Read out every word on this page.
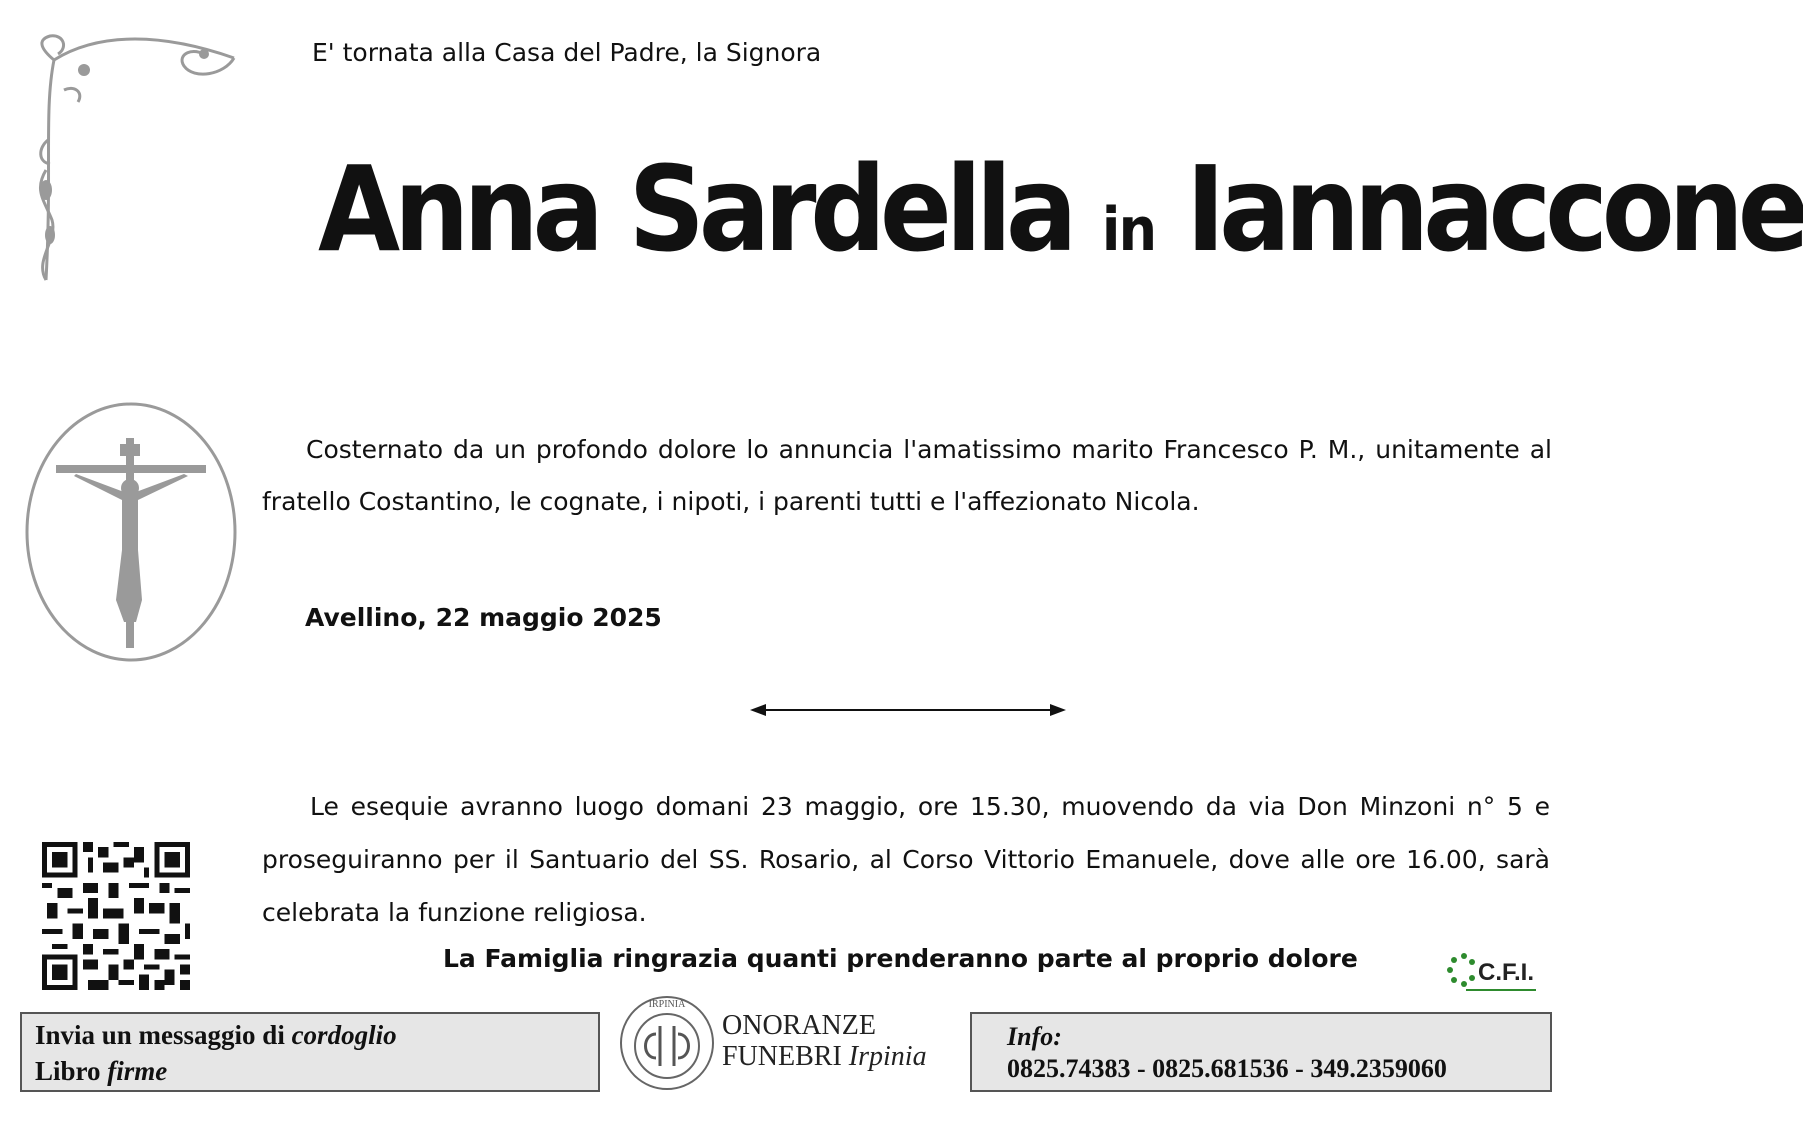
E' tornata alla Casa del Padre, la Signora
Anna Sardella in Iannaccone
Costernato da un profondo dolore lo annuncia l'amatissimo marito Francesco P. M., unitamente al fratello Costantino, le cognate, i nipoti, i parenti tutti e l'affezionato Nicola.
Avellino, 22 maggio 2025
Le esequie avranno luogo domani 23 maggio, ore 15.30, muovendo da via Don Minzoni n° 5 e proseguiranno per il Santuario del SS. Rosario, al Corso Vittorio Emanuele, dove alle ore 16.00, sarà celebrata la funzione religiosa.
La Famiglia ringrazia quanti prenderanno parte al proprio dolore	C.F.I.
Invia un messaggio di cordoglio
Libro firme
IRPINIA
ONORANZE
FUNEBRI Irpinia
Info:
0825.74383 - 0825.681536 - 349.2359060
